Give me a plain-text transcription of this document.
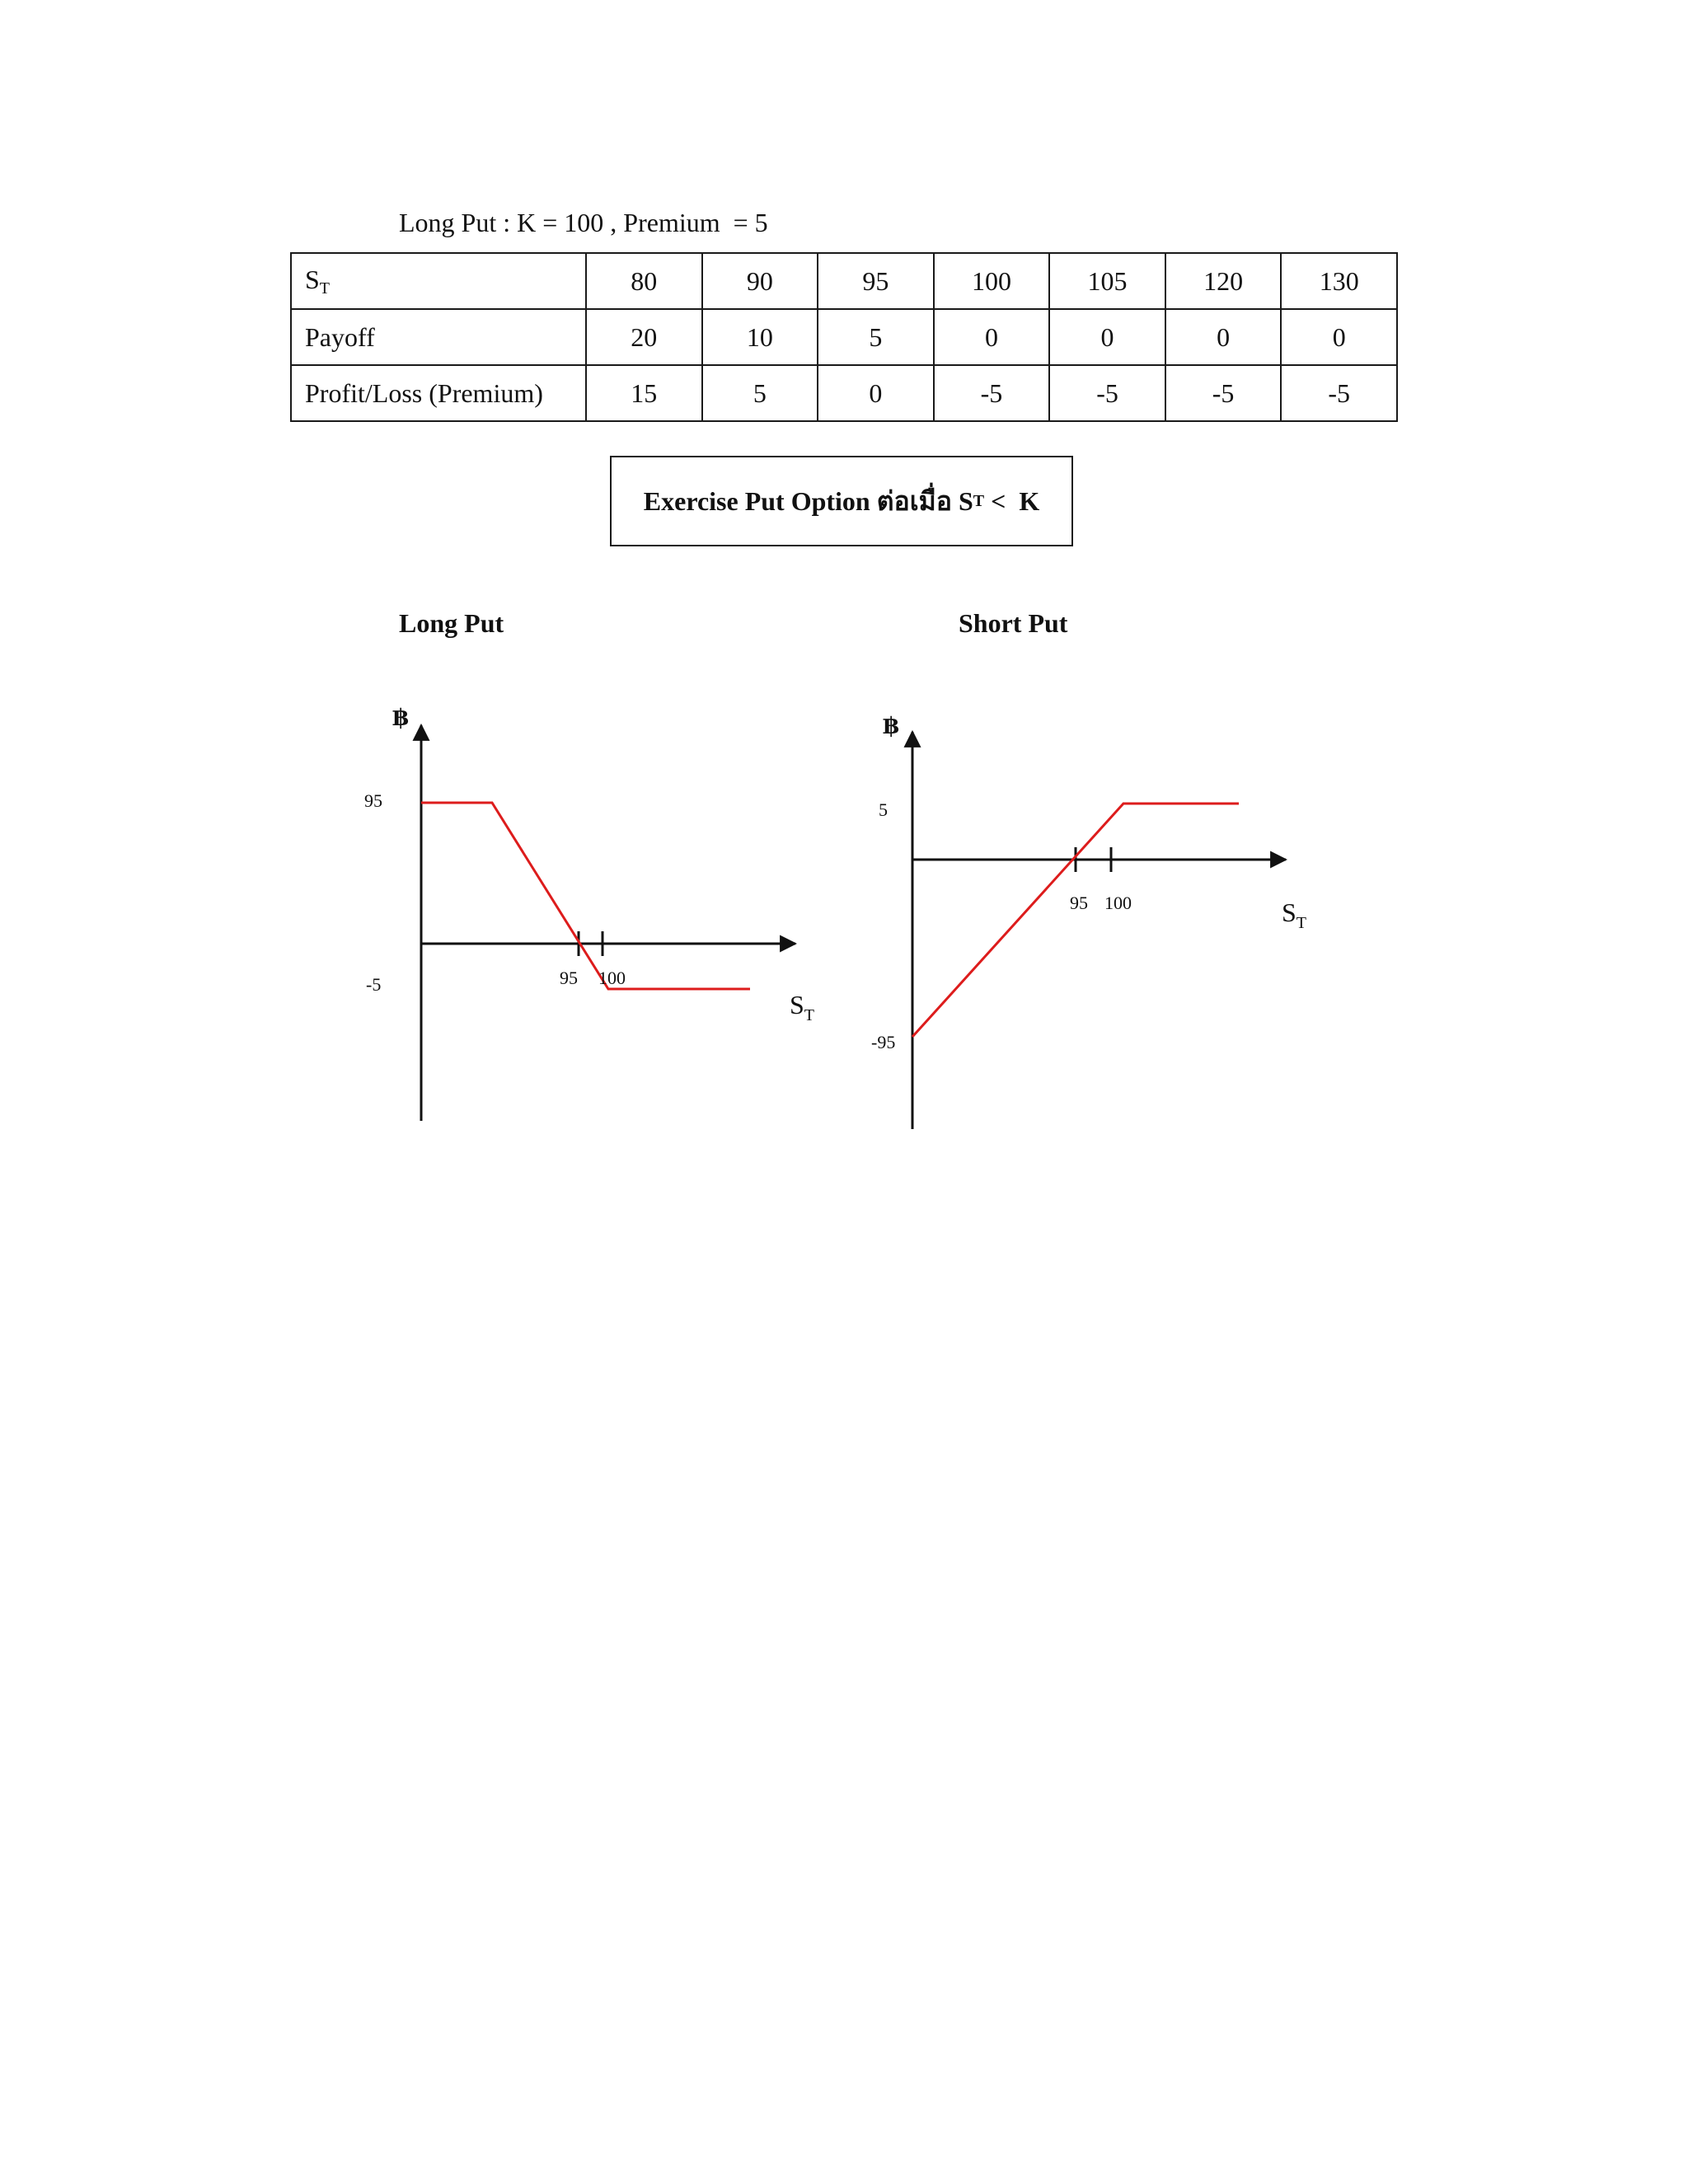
Long Put : K = 100 , Premium  = 5
$S_T$	80	90	95	100	105	120	130
Payoff	20	10	5	0	0	0	0
Profit/Loss (Premium)	15	5	0	-5	-5	-5	-5
Exercise Put Option ต่อเมื่อ S T <  K
Long Put	Short Put
฿
95
-5	95 100
$S_T$
฿
5
-95
95 100	$S_T$
